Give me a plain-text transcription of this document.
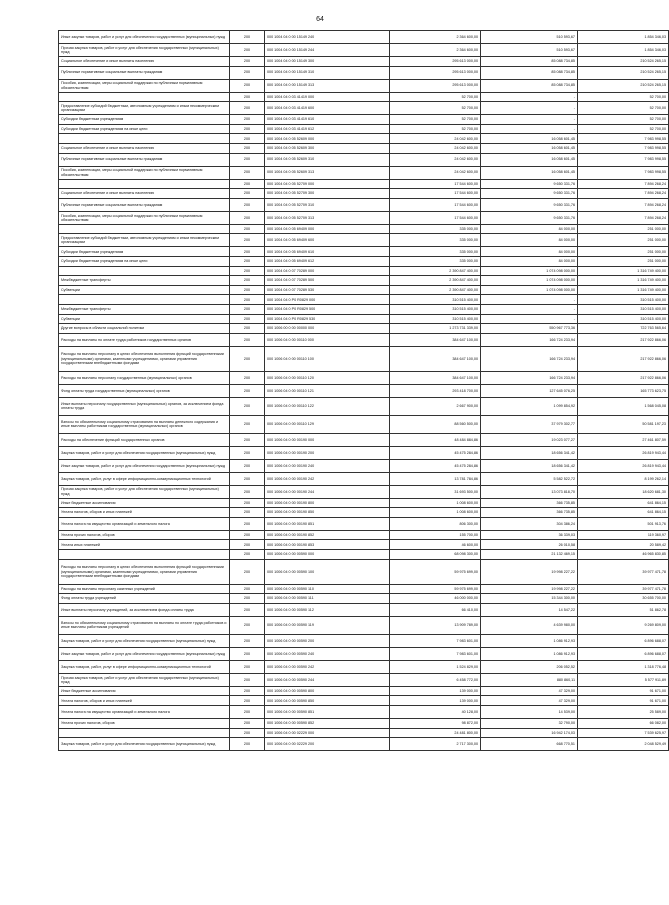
64
Иные закупки товаров, работ и услуг для обеспечения государственных (муниципальных) нужд	200	000 1004 04 0 00 15149 240	2 364 600,00	510 593,67	1 854 346,03
Прочая закупка товаров, работ и услуг для обеспечения государственных (муниципальных) нужд	200	000 1004 04 0 00 15149 244	2 364 600,00	510 593,67	1 854 346,03
Социальное обеспечение и иные выплаты населению	200	000 1004 04 0 00 15149 300	295 613 000,00	85 088 734,85	210 524 265,15
Публичные нормативные социальные выплаты гражданам	200	000 1004 04 0 00 15149 310	295 613 000,00	85 088 734,85	210 524 265,15
Пособия, компенсации, меры социальной поддержки по публичным нормативным обязательствам	200	000 1004 04 0 00 15149 313	295 613 000,00	85 088 734,85	210 524 265,15
	200	000 1004 04 0 03 41419 000	52 700,00	-	52 700,00
Предоставление субсидий бюджетным, автономным учреждениям и иным некоммерческим организациям	200	000 1004 04 0 03 41419 600	52 700,00	-	52 700,00
Субсидии бюджетным учреждениям	200	000 1004 04 0 03 41419 610	52 700,00	-	52 700,00
Субсидии бюджетным учреждениям на иные цели	200	000 1004 04 0 03 41419 612	52 700,00	-	52 700,00
	200	000 1004 04 0 05 52609 000	24 042 600,00	16 058 601,45	7 983 998,55
Социальное обеспечение и иные выплаты населению	200	000 1004 04 0 05 52609 300	24 042 600,00	16 058 601,45	7 983 998,55
Публичные нормативные социальные выплаты гражданам	200	000 1004 04 0 05 52609 310	24 042 600,00	16 058 601,45	7 983 998,55
Пособия, компенсации, меры социальной поддержки по публичным нормативным обязательствам	200	000 1004 04 0 05 52609 313	24 042 600,00	16 058 601,45	7 983 998,55
	200	000 1004 04 0 05 52709 000	17 544 600,00	9 650 331,76	7 894 268,24
Социальное обеспечение и иные выплаты населению	200	000 1004 04 0 05 52709 300	17 544 600,00	9 650 331,76	7 894 268,24
Публичные нормативные социальные выплаты гражданам	200	000 1004 04 0 05 52709 310	17 544 600,00	9 650 331,76	7 894 268,24
Пособия, компенсации, меры социальной поддержки по публичным нормативным обязательствам	200	000 1004 04 0 05 52709 313	17 544 600,00	9 650 331,76	7 894 268,24
	200	000 1004 04 0 05 69409 000	335 000,00	84 000,00	251 000,00
Предоставление субсидий бюджетным, автономным учреждениям и иным некоммерческим организациям	200	000 1004 04 0 05 69409 600	335 000,00	84 000,00	251 000,00
Субсидии бюджетным учреждениям	200	000 1004 04 0 05 69409 610	335 000,00	84 000,00	251 000,00
Субсидии бюджетным учреждениям на иные цели	200	000 1004 04 0 05 69409 612	335 000,00	84 000,00	251 000,00
	200	000 1004 04 0 07 70289 000	2 390 847 400,00	1 074 098 000,00	1 316 749 400,00
Межбюджетные трансферты	200	000 1004 04 0 07 70289 500	2 390 847 400,00	1 074 098 000,00	1 316 749 400,00
Субвенции	200	000 1004 04 0 07 70289 530	2 390 847 400,00	1 074 098 000,00	1 316 749 400,00
	200	000 1004 04 0 P0 R0829 000	310 515 400,00	-	310 515 400,00
Межбюджетные трансферты	200	000 1004 04 0 P0 R0829 500	310 515 400,00	-	310 515 400,00
Субвенции	200	000 1004 04 0 P0 R0829 530	310 515 400,00	-	310 515 400,00
Другие вопросы в области социальной политики	200	000 1006 00 0 00 00000 000	1 273 731 339,00	550 967 773,36	722 763 565,64
Расходы на выплаты по оплате труда работников государственных органов	200	000 1006 04 0 00 00110 000	384 647 100,00	166 724 233,94	217 922 866,06
Расходы на выплаты персоналу в целях обеспечения выполнения функций государственными (муниципальными) органами, казенными учреждениями, органами управления государственными внебюджетными фондами	200	000 1006 04 0 00 00110 100	384 647 100,00	166 724 233,94	217 922 866,06
Расходы на выплаты персоналу государственных (муниципальных) органов	200	000 1006 04 0 00 00110 120	384 647 100,00	166 724 233,94	217 922 866,06
Фонд оплаты труда государственных (муниципальных) органов	200	000 1006 04 0 00 00110 121	293 418 700,00	127 645 076,25	165 773 623,75
Иные выплаты персоналу государственных (муниципальных) органов, за исключением фонда оплаты труда	200	000 1006 04 0 00 00110 122	2 667 900,00	1 099 854,92	1 568 045,08
Взносы по обязательному социальному страхованию на выплаты денежного содержания и иные выплаты работникам государственных (муниципальных) органов	200	000 1006 04 0 00 00110 129	88 560 500,00	37 979 302,77	50 581 197,23
Расходы на обеспечение функций государственных органов	200	000 1006 04 0 00 00190 000	48 484 884,86	19 023 077,27	27 461 807,59
Закупка товаров, работ и услуг для обеспечения государственных (муниципальных) нужд	200	000 1006 04 0 00 00190 200	45 475 284,86	18 656 341,42	26 819 943,44
Иные закупки товаров, работ и услуг для обеспечения государственных (муниципальных) нужд	200	000 1006 04 0 00 00190 240	45 475 284,86	18 656 341,42	26 819 943,44
Закупка товаров, работ, услуг в сфере информационно-коммуникационных технологий	200	000 1006 04 0 00 00190 242	13 781 784,86	5 582 522,72	8 199 262,14
Прочая закупка товаров, работ и услуг для обеспечения государственных (муниципальных) нужд	200	000 1006 04 0 00 00190 244	31 693 500,00	13 073 818,70	18 620 681,30
Иные бюджетные ассигнования	200	000 1006 04 0 00 00190 800	1 008 600,00	366 735,85	641 864,15
Уплата налогов, сборов и иных платежей	200	000 1006 04 0 00 00190 850	1 008 600,00	366 735,85	641 864,15
Уплата налога на имущество организаций и земельного налога	200	000 1006 04 0 00 00190 851	806 300,00	304 386,24	501 913,76
Уплата прочих налогов, сборов	200	000 1006 04 0 00 00190 852	155 700,00	36 339,03	119 360,97
Уплата иных платежей	200	000 1006 04 0 00 00190 853	46 600,00	26 010,58	20 589,42
	200	000 1006 04 0 00 00590 000	68 098 300,00	21 132 469,15	46 965 830,85
Расходы на выплаты персоналу в целях обеспечения выполнения функций государственными (муниципальными) органами, казенными учреждениями, органами управления государственными внебюджетными фондами	200	000 1006 04 0 00 00590 100	59 975 699,00	19 998 227,22	39 977 471,78
Расходы на выплаты персоналу казенных учреждений	200	000 1006 04 0 00 00590 110	59 975 699,00	19 998 227,22	39 977 471,78
Фонд оплаты труда учреждений	200	000 1006 04 0 00 00590 111	46 000 000,00	15 344 300,00	30 655 700,00
Иные выплаты персоналу учреждений, за исключением фонда оплаты труда	200	000 1006 04 0 00 00590 112	66 410,00	14 547,22	51 862,78
Взносы по обязательному социальному страхованию на выплаты по оплате труда работников и иные выплаты работникам учреждений	200	000 1006 04 0 00 00590 119	13 909 789,00	4 639 980,00	9 269 809,00
Закупка товаров, работ и услуг для обеспечения государственных (муниципальных) нужд	200	000 1006 04 0 00 00590 200	7 983 601,00	1 086 912,93	6 896 688,07
Иные закупки товаров, работ и услуг для обеспечения государственных (муниципальных) нужд	200	000 1006 04 0 00 00590 240	7 983 601,00	1 086 912,93	6 896 688,07
Закупка товаров, работ, услуг в сфере информационно-коммуникационных технологий	200	000 1006 04 0 00 00590 242	1 524 829,00	206 052,52	1 318 776,48
Прочая закупка товаров, работ и услуг для обеспечения государственных (муниципальных) нужд	200	000 1006 04 0 00 00590 244	6 458 772,00	880 860,11	5 577 911,89
Иные бюджетные ассигнования	200	000 1006 04 0 00 00590 800	139 000,00	47 329,00	91 671,00
Уплата налогов, сборов и иных платежей	200	000 1006 04 0 00 00590 850	139 000,00	47 329,00	91 671,00
Уплата налога на имущество организаций и земельного налога	200	000 1006 04 0 00 00590 851	40 128,00	14 539,00	25 589,00
Уплата прочих налогов, сборов	200	000 1006 04 0 00 00590 852	98 872,00	32 790,00	66 082,00
	200	000 1006 04 0 00 02229 000	24 481 800,00	16 942 174,03	7 539 625,97
Закупка товаров, работ и услуг для обеспечения государственных (муниципальных) нужд	200	000 1006 04 0 00 02229 200	2 717 300,00	668 770,51	2 048 529,49
